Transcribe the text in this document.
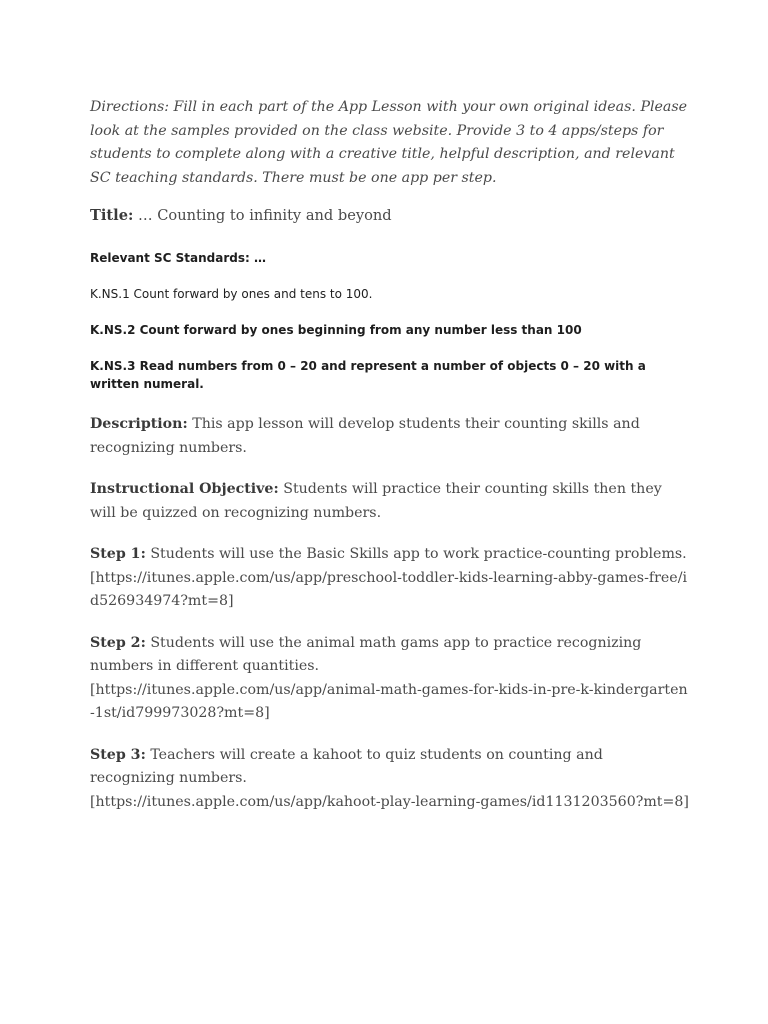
Directions: Fill in each part of the App Lesson with your own original ideas. Please look at the samples provided on the class website. Provide 3 to 4 apps/steps for students to complete along with a creative title, helpful description, and relevant SC teaching standards. There must be one app per step.

Title: … Counting to infinity and beyond
Relevant SC Standards: …
K.NS.1 Count forward by ones and tens to 100.
K.NS.2 Count forward by ones beginning from any number less than 100
K.NS.3 Read numbers from 0 – 20 and represent a number of objects 0 – 20 with a written numeral.

Description: This app lesson will develop students their counting skills and recognizing numbers.

Instructional Objective: Students will practice their counting skills then they will be quizzed on recognizing numbers.

Step 1: Students will use the Basic Skills app to work practice-counting problems.
[https://itunes.apple.com/us/app/preschool-toddler-kids-learning-abby-games-free/id526934974?mt=8]

Step 2: Students will use the animal math gams app to practice recognizing numbers in different quantities.
[https://itunes.apple.com/us/app/animal-math-games-for-kids-in-pre-k-kindergarten-1st/id799973028?mt=8]

Step 3: Teachers will create a kahoot to quiz students on counting and recognizing numbers.
[https://itunes.apple.com/us/app/kahoot-play-learning-games/id1131203560?mt=8]
